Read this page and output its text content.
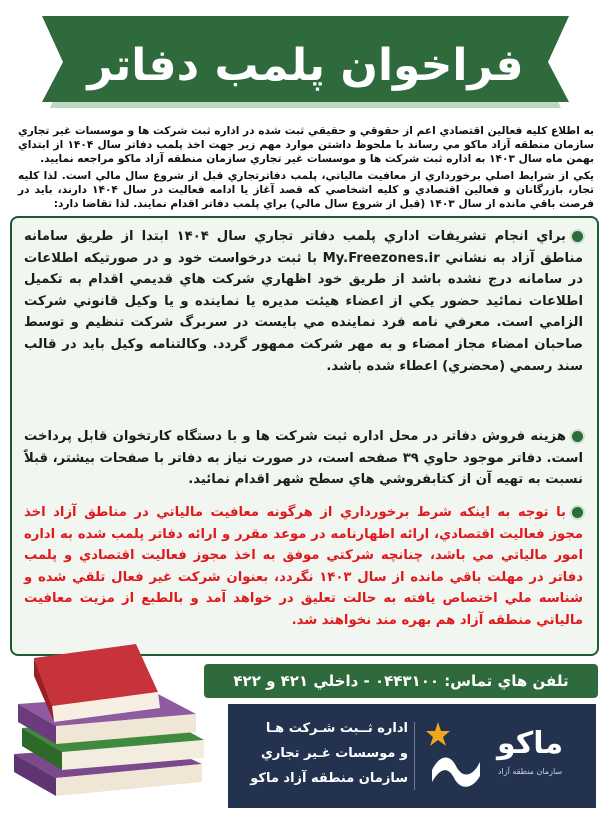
فراخوان پلمب دفاتر

به اطلاع كليه فعالين اقتصادي اعم از حقوقي و حقيقي ثبت شده در اداره ثبت شركت ها و موسسات غير تجاري سازمان منطقه آزاد ماكو مي رساند با ملحوظ داشتن موارد مهم زير جهت اخذ پلمب دفاتر سال ۱۴۰۴ از ابتداي بهمن ماه سال ۱۴۰۳ به اداره ثبت شركت ها و موسسات غير تجاري سازمان منطقه آزاد ماكو مراجعه نماييد.

يكي از شرايط اصلي برخورداري از معافيت مالياتي، پلمب دفاترتجاري قبل از شروع سال مالي است. لذا كليه تجار، بازرگانان و فعالين اقتصادي و كليه اشخاصي كه قصد آغاز يا ادامه فعاليت در سال ۱۴۰۴ دارند، بايد در فرصت باقي مانده از سال ۱۴۰۳ (قبل از شروع سال مالي) براي پلمب دفاتر اقدام نمايند. لذا تقاضا دارد:

براي انجام تشريفات اداري پلمب دفاتر تجاري سال ۱۴۰۴ ابتدا از طريق سامانه مناطق آزاد به نشاني My.Freezones.ir با ثبت درخواست خود و در صورتيكه اطلاعات در سامانه درج نشده باشد از طريق خود اظهاري شركت هاي قديمي اقدام به تكميل اطلاعات نمائيد حضور يكي از اعضاء هيئت مديره يا نماينده و يا وكيل قانوني شركت الزامي است. معرفي نامه فرد نماينده مي بايست در سربرگ شركت تنظيم و توسط صاحبان امضاء مجاز امضاء و به مهر شركت ممهور گردد. وكالتنامه وكيل بايد در قالب سند رسمي (محضري) اعطاء شده باشد.
هزينه فروش دفاتر در محل اداره ثبت شركت ها و با دستگاه كارتخوان قابل پرداخت است. دفاتر موجود حاوي ۳۹ صفحه است، در صورت نياز به دفاتر با صفحات بيشتر، قبلاً نسبت به تهيه آن از كتابفروشي هاي سطح شهر اقدام نمائيد.
با توجه به اينكه شرط برخورداري از هرگونه معافيت مالياتي در مناطق آزاد اخذ مجوز فعاليت اقتصادي، ارائه اظهارنامه در موعد مقرر و ارائه دفاتر پلمب شده به اداره امور مالياتي مي باشد، چنانچه شركتي موفق به اخذ مجوز فعاليت اقتصادي و پلمب دفاتر در مهلت باقي مانده از سال ۱۴۰۳ نگردد، بعنوان شركت غير فعال تلقي شده و شناسه ملي اختصاص يافته به حالت تعليق در خواهد آمد و بالطبع از مزيت معافيت مالياتي منطقه آزاد هم بهره مند نخواهند شد.
تلفن هاي تماس: ۰۴۴۳۱۰۰ - داخلي ۴۲۱ و ۴۲۲
اداره ثــبت شـركت هـا
و موسسات غـير تجاري
سازمان منطقه آزاد ماكو
ماكو
سازمان منطقه آزاد
